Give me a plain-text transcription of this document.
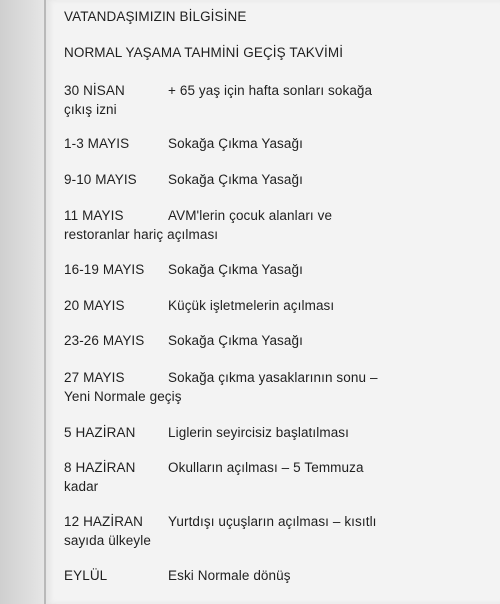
VATANDAŞIMIZIN BİLGİSİNE
NORMAL YAŞAMA TAHMİNİ GEÇİŞ TAKVİMİ
30 NİSAN	+ 65 yaş için hafta sonları sokağa
çıkış izni
1-3 MAYIS	Sokağa Çıkma Yasağı
9-10 MAYIS Sokağa Çıkma Yasağı
11 MAYIS	AVM'lerin çocuk alanları ve
restoranlar hariç açılması
16-19 MAYIS Sokağa Çıkma Yasağı
20 MAYIS	Küçük işletmelerin açılması
23-26 MAYIS Sokağa Çıkma Yasağı
27 MAYIS	Sokağa çıkma yasaklarının sonu –
Yeni Normale geçiş
5 HAZİRAN Liglerin seyircisiz başlatılması
8 HAZİRAN Okulların açılması – 5 Temmuza
kadar
12 HAZİRAN Yurtdışı uçuşların açılması – kısıtlı
sayıda ülkeyle
EYLÜL	Eski Normale dönüş
